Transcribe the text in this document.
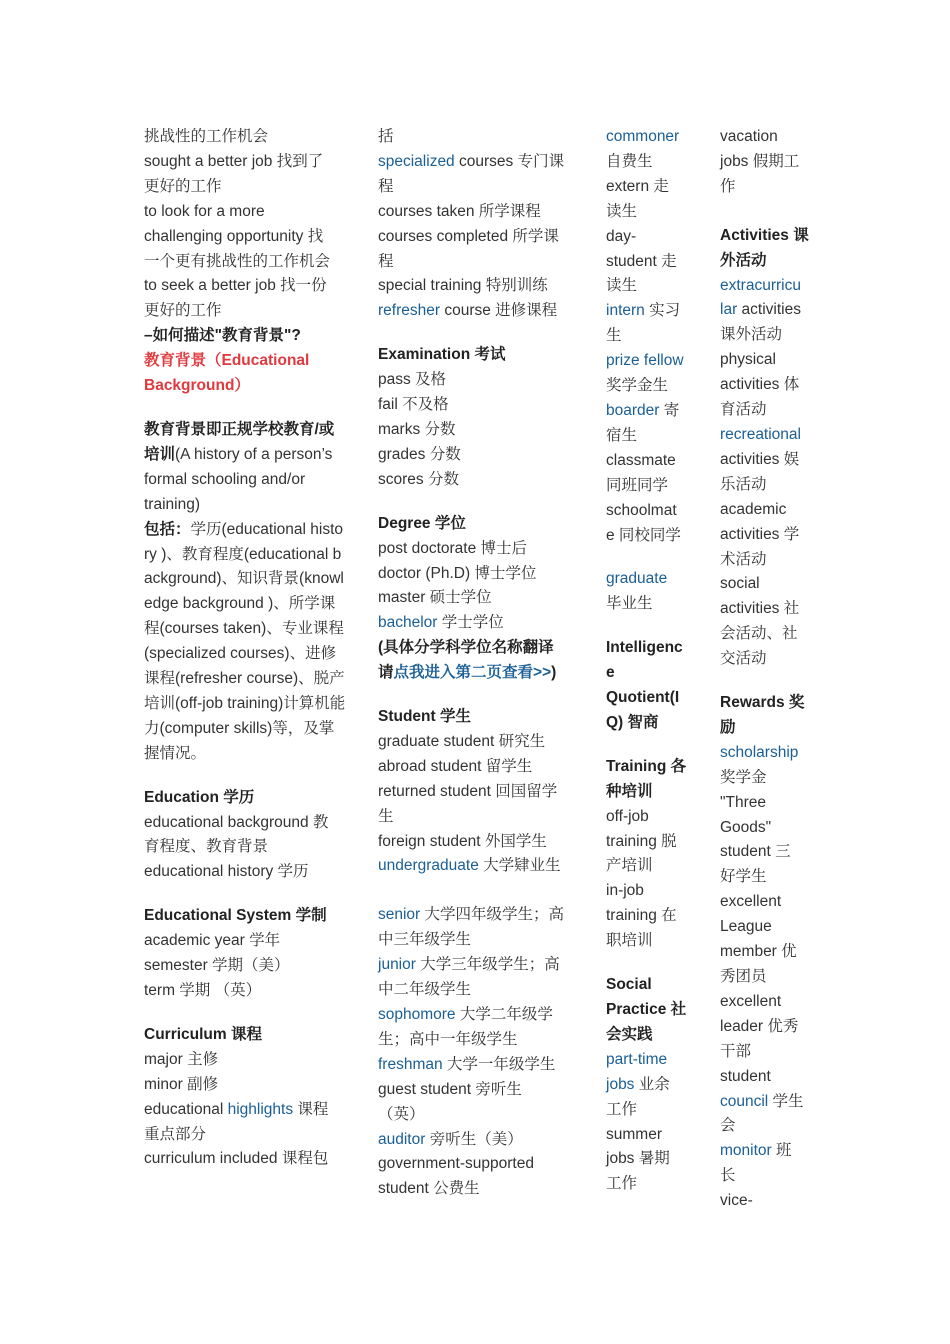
挑战性的工作机会
sought a better job 找到了
更好的工作
to look for a more
challenging opportunity 找
一个更有挑战性的工作机会
to seek a better job 找一份
更好的工作
–如何描述"教育背景"?
教育背景（Educational
Background）
教育背景即正规学校教育/或
培训(A history of a person’s formal schooling and/or training)
包括：学历(educational history )、教育程度(educational background)、知识背景(knowledge background )、所学课程(courses taken)、专业课程(specialized courses)、进修课程(refresher course)、脱产培训(off-job training)计算机能力(computer skills)等，及掌握情况。
Education 学历
educational background 教
育程度、教育背景
educational history 学历
Educational System 学制
academic year 学年
semester 学期（美）
term 学期 （英）
Curriculum 课程
major 主修
minor 副修
educational highlights 课程
重点部分
curriculum included 课程包
括
specialized courses 专门课
程
courses taken 所学课程
courses completed 所学课
程
special training 特别训练
refresher course 进修课程
Examination 考试
pass 及格
fail 不及格
marks 分数
grades 分数
scores 分数
Degree 学位
post doctorate 博士后
doctor (Ph.D) 博士学位
master 硕士学位
bachelor 学士学位
(具体分学科学位名称翻译
请点我进入第二页查看>>)
Student 学生
graduate student 研究生
abroad student 留学生
returned student 回国留学
生
foreign student 外国学生
undergraduate 大学肄业生
senior 大学四年级学生；高
中三年级学生
junior 大学三年级学生；高
中二年级学生
sophomore 大学二年级学
生；高中一年级学生
freshman 大学一年级学生
guest student 旁听生
（英）
auditor 旁听生（美）
government-supported
student 公费生
commoner
自费生
extern 走
读生
day-
student 走
读生
intern 实习
生
prize fellow
奖学金生
boarder 寄
宿生
classmate
同班同学
schoolmat
e 同校同学
graduate
毕业生
Intelligenc
e
Quotient(I
Q) 智商
Training 各
种培训
off-job
training 脱
产培训
in-job
training 在
职培训
Social
Practice 社
会实践
part-time
jobs 业余
工作
summer
jobs 暑期
工作
vacation
jobs 假期工
作
Activities 课
外活动
extracurricu
lar activities
课外活动
physical
activities 体
育活动
recreational
activities 娱
乐活动
academic
activities 学
术活动
social
activities 社
会活动、社
交活动
Rewards 奖
励
scholarship
奖学金
"Three
Goods"
student 三
好学生
excellent
League
member 优
秀团员
excellent
leader 优秀
干部
student
council 学生
会
monitor 班
长
vice-
